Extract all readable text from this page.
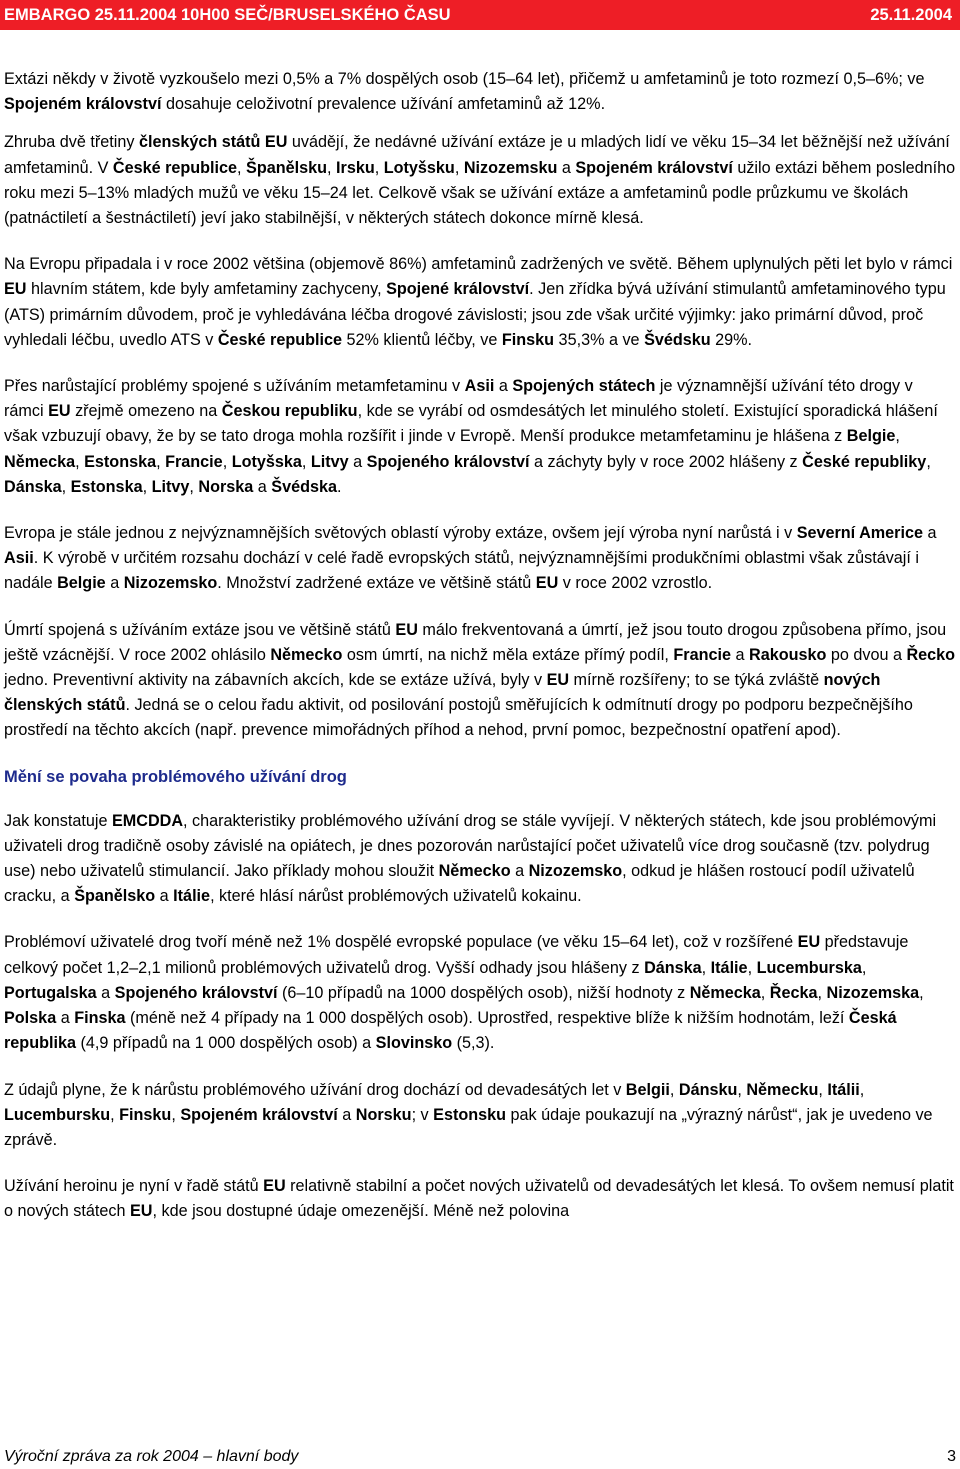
EMBARGO 25.11.2004 10H00 SEČ/BRUSELSKÉHO ČASU	25.11.2004

Extázi někdy v životě vyzkoušelo mezi 0,5% a 7% dospělých osob (15–64 let), přičemž u amfetaminů je toto rozmezí 0,5–6%; ve Spojeném království dosahuje celoživotní prevalence užívání amfetaminů až 12%.

Zhruba dvě třetiny členských států EU uvádějí, že nedávné užívání extáze je u mladých lidí ve věku 15–34 let běžnější než užívání amfetaminů. V České republice, Španělsku, Irsku, Lotyšsku, Nizozemsku a Spojeném království užilo extázi během posledního roku mezi 5–13% mladých mužů ve věku 15–24 let. Celkově však se užívání extáze a amfetaminů podle průzkumu ve školách (patnáctiletí a šestnáctiletí) jeví jako stabilnější, v některých státech dokonce mírně klesá.

Na Evropu připadala i v roce 2002 většina (objemově 86%) amfetaminů zadržených ve světě. Během uplynulých pěti let bylo v rámci EU hlavním státem, kde byly amfetaminy zachyceny, Spojené království. Jen zřídka bývá užívání stimulantů amfetaminového typu (ATS) primárním důvodem, proč je vyhledávána léčba drogové závislosti; jsou zde však určité výjimky: jako primární důvod, proč vyhledali léčbu, uvedlo ATS v České republice 52% klientů léčby, ve Finsku 35,3% a ve Švédsku 29%.

Přes narůstající problémy spojené s užíváním metamfetaminu v Asii a Spojených státech je významnější užívání této drogy v rámci EU zřejmě omezeno na Českou republiku, kde se vyrábí od osmdesátých let minulého století. Existující sporadická hlášení však vzbuzují obavy, že by se tato droga mohla rozšířit i jinde v Evropě. Menší produkce metamfetaminu je hlášena z Belgie, Německa, Estonska, Francie, Lotyšska, Litvy a Spojeného království a záchyty byly v roce 2002 hlášeny z České republiky, Dánska, Estonska, Litvy, Norska a Švédska.

Evropa je stále jednou z nejvýznamnějších světových oblastí výroby extáze, ovšem její výroba nyní narůstá i v Severní Americe a Asii. K výrobě v určitém rozsahu dochází v celé řadě evropských států, nejvýznamnějšími produkčními oblastmi však zůstávají i nadále Belgie a Nizozemsko. Množství zadržené extáze ve většině států EU v roce 2002 vzrostlo.

Úmrtí spojená s užíváním extáze jsou ve většině států EU málo frekventovaná a úmrtí, jež jsou touto drogou způsobena přímo, jsou ještě vzácnější. V roce 2002 ohlásilo Německo osm úmrtí, na nichž měla extáze přímý podíl, Francie a Rakousko po dvou a Řecko jedno. Preventivní aktivity na zábavních akcích, kde se extáze užívá, byly v EU mírně rozšířeny; to se týká zvláště nových členských států. Jedná se o celou řadu aktivit, od posilování postojů směřujících k odmítnutí drogy po podporu bezpečnějšího prostředí na těchto akcích (např. prevence mimořádných příhod a nehod, první pomoc, bezpečnostní opatření apod).

Mění se povaha problémového užívání drog

Jak konstatuje EMCDDA, charakteristiky problémového užívání drog se stále vyvíjejí. V některých státech, kde jsou problémovými uživateli drog tradičně osoby závislé na opiátech, je dnes pozorován narůstající počet uživatelů více drog současně (tzv. polydrug use) nebo uživatelů stimulancií. Jako příklady mohou sloužit Německo a Nizozemsko, odkud je hlášen rostoucí podíl uživatelů cracku, a Španělsko a Itálie, které hlásí nárůst problémových uživatelů kokainu.

Problémoví uživatelé drog tvoří méně než 1% dospělé evropské populace (ve věku 15–64 let), což v rozšířené EU představuje celkový počet 1,2–2,1 milionů problémových uživatelů drog. Vyšší odhady jsou hlášeny z Dánska, Itálie, Lucemburska, Portugalska a Spojeného království (6–10 případů na 1000 dospělých osob), nižší hodnoty z Německa, Řecka, Nizozemska, Polska a Finska (méně než 4 případy na 1 000 dospělých osob). Uprostřed, respektive blíže k nižším hodnotám, leží Česká republika (4,9 případů na 1 000 dospělých osob) a Slovinsko (5,3).

Z údajů plyne, že k nárůstu problémového užívání drog dochází od devadesátých let v Belgii, Dánsku, Německu, Itálii, Lucembursku, Finsku, Spojeném království a Norsku; v Estonsku pak údaje poukazují na „výrazný nárůst“, jak je uvedeno ve zprávě.

Užívání heroinu je nyní v řadě států EU relativně stabilní a počet nových uživatelů od devadesátých let klesá. To ovšem nemusí platit o nových státech EU, kde jsou dostupné údaje omezenější. Méně než polovina

Výroční zpráva za rok 2004 – hlavní body	3
